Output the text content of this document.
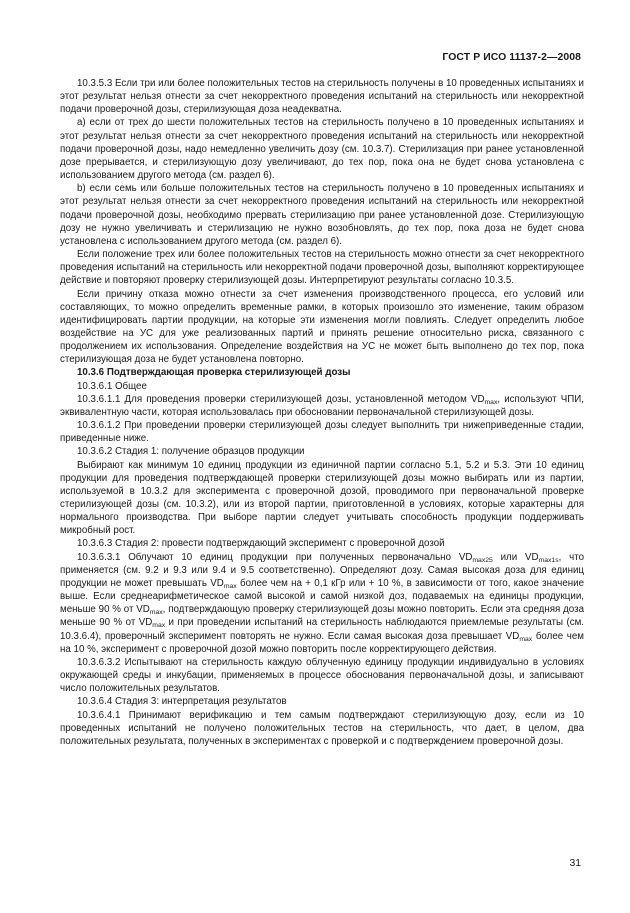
ГОСТ Р ИСО 11137-2—2008

10.3.5.3 Если три или более положительных тестов на стерильность получены в 10 проведенных испытаниях и этот результат нельзя отнести за счет некорректного проведения испытаний на стерильность или некорректной подачи проверочной дозы, стерилизующая доза неадекватна.

a) если от трех до шести положительных тестов на стерильность получено в 10 проведенных испытаниях и этот результат нельзя отнести за счет некорректного проведения испытаний на стерильность или некорректной подачи проверочной дозы, надо немедленно увеличить дозу (см. 10.3.7). Стерилизация при ранее установленной дозе прерывается, и стерилизующую дозу увеличивают, до тех пор, пока она не будет снова установлена с использованием другого метода (см. раздел 6).

b) если семь или больше положительных тестов на стерильность получено в 10 проведенных испытаниях и этот результат нельзя отнести за счет некорректного проведения испытаний на стерильность или некорректной подачи проверочной дозы, необходимо прервать стерилизацию при ранее установленной дозе. Стерилизующую дозу не нужно увеличивать и стерилизацию не нужно возобновлять, до тех пор, пока доза не будет снова установлена с использованием другого метода (см. раздел 6).

Если положение трех или более положительных тестов на стерильность можно отнести за счет некорректного проведения испытаний на стерильность или некорректной подачи проверочной дозы, выполняют корректирующее действие и повторяют проверку стерилизующей дозы. Интерпретируют результаты согласно 10.3.5.

Если причину отказа можно отнести за счет изменения производственного процесса, его условий или составляющих, то можно определить временные рамки, в которых произошло это изменение, таким образом идентифицировать партии продукции, на которые эти изменения могли повлиять. Следует определить любое воздействие на УС для уже реализованных партий и принять решение относительно риска, связанного с продолжением их использования. Определение воздействия на УС не может быть выполнено до тех пор, пока стерилизующая доза не будет установлена повторно.

10.3.6 Подтверждающая проверка стерилизующей дозы

10.3.6.1 Общее

10.3.6.1.1 Для проведения проверки стерилизующей дозы, установленной методом $VD_{max}$, используют ЧПИ, эквивалентную части, которая использовалась при обосновании первоначальной стерилизующей дозы.

10.3.6.1.2 При проведении проверки стерилизующей дозы следует выполнить три нижеприведенные стадии, приведенные ниже.

10.3.6.2 Стадия 1: получение образцов продукции

Выбирают как минимум 10 единиц продукции из единичной партии согласно 5.1, 5.2 и 5.3. Эти 10 единиц продукции для проведения подтверждающей проверки стерилизующей дозы можно выбирать или из партии, используемой в 10.3.2 для эксперимента с проверочной дозой, проводимого при первоначальной проверке стерилизующей дозы (см. 10.3.2), или из второй партии, приготовленной в условиях, которые характерны для нормального производства. При выборе партии следует учитывать способность продукции поддерживать микробный рост.

10.3.6.3 Стадия 2: провести подтверждающий эксперимент с проверочной дозой

10.3.6.3.1 Облучают 10 единиц продукции при полученных первоначально $VD_{max25}$ или $VD_{max1s}$, что применяется (см. 9.2 и 9.3 или 9.4 и 9.5 соответственно). Определяют дозу. Самая высокая доза для единиц продукции не может превышать $VD_{max}$ более чем на + 0,1 кГр или + 10 %, в зависимости от того, какое значение выше. Если среднеарифметическое самой высокой и самой низкой доз, подаваемых на единицы продукции, меньше 90 % от $VD_{max}$, подтверждающую проверку стерилизующей дозы можно повторить. Если эта средняя доза меньше 90 % от $VD_{max}$ и при проведении испытаний на стерильность наблюдаются приемлемые результаты (см. 10.3.6.4), проверочный эксперимент повторять не нужно. Если самая высокая доза превышает $VD_{max}$ более чем на 10 %, эксперимент с проверочной дозой можно повторить после корректирующего действия.

10.3.6.3.2 Испытывают на стерильность каждую облученную единицу продукции индивидуально в условиях окружающей среды и инкубации, применяемых в процессе обоснования первоначальной дозы, и записывают число положительных результатов.

10.3.6.4 Стадия 3: интерпретация результатов

10.3.6.4.1 Принимают верификацию и тем самым подтверждают стерилизующую дозу, если из 10 проведенных испытаний не получено положительных тестов на стерильность, что дает, в целом, два положительных результата, полученных в экспериментах с проверкой и с подтверждением проверочной дозы.

31
